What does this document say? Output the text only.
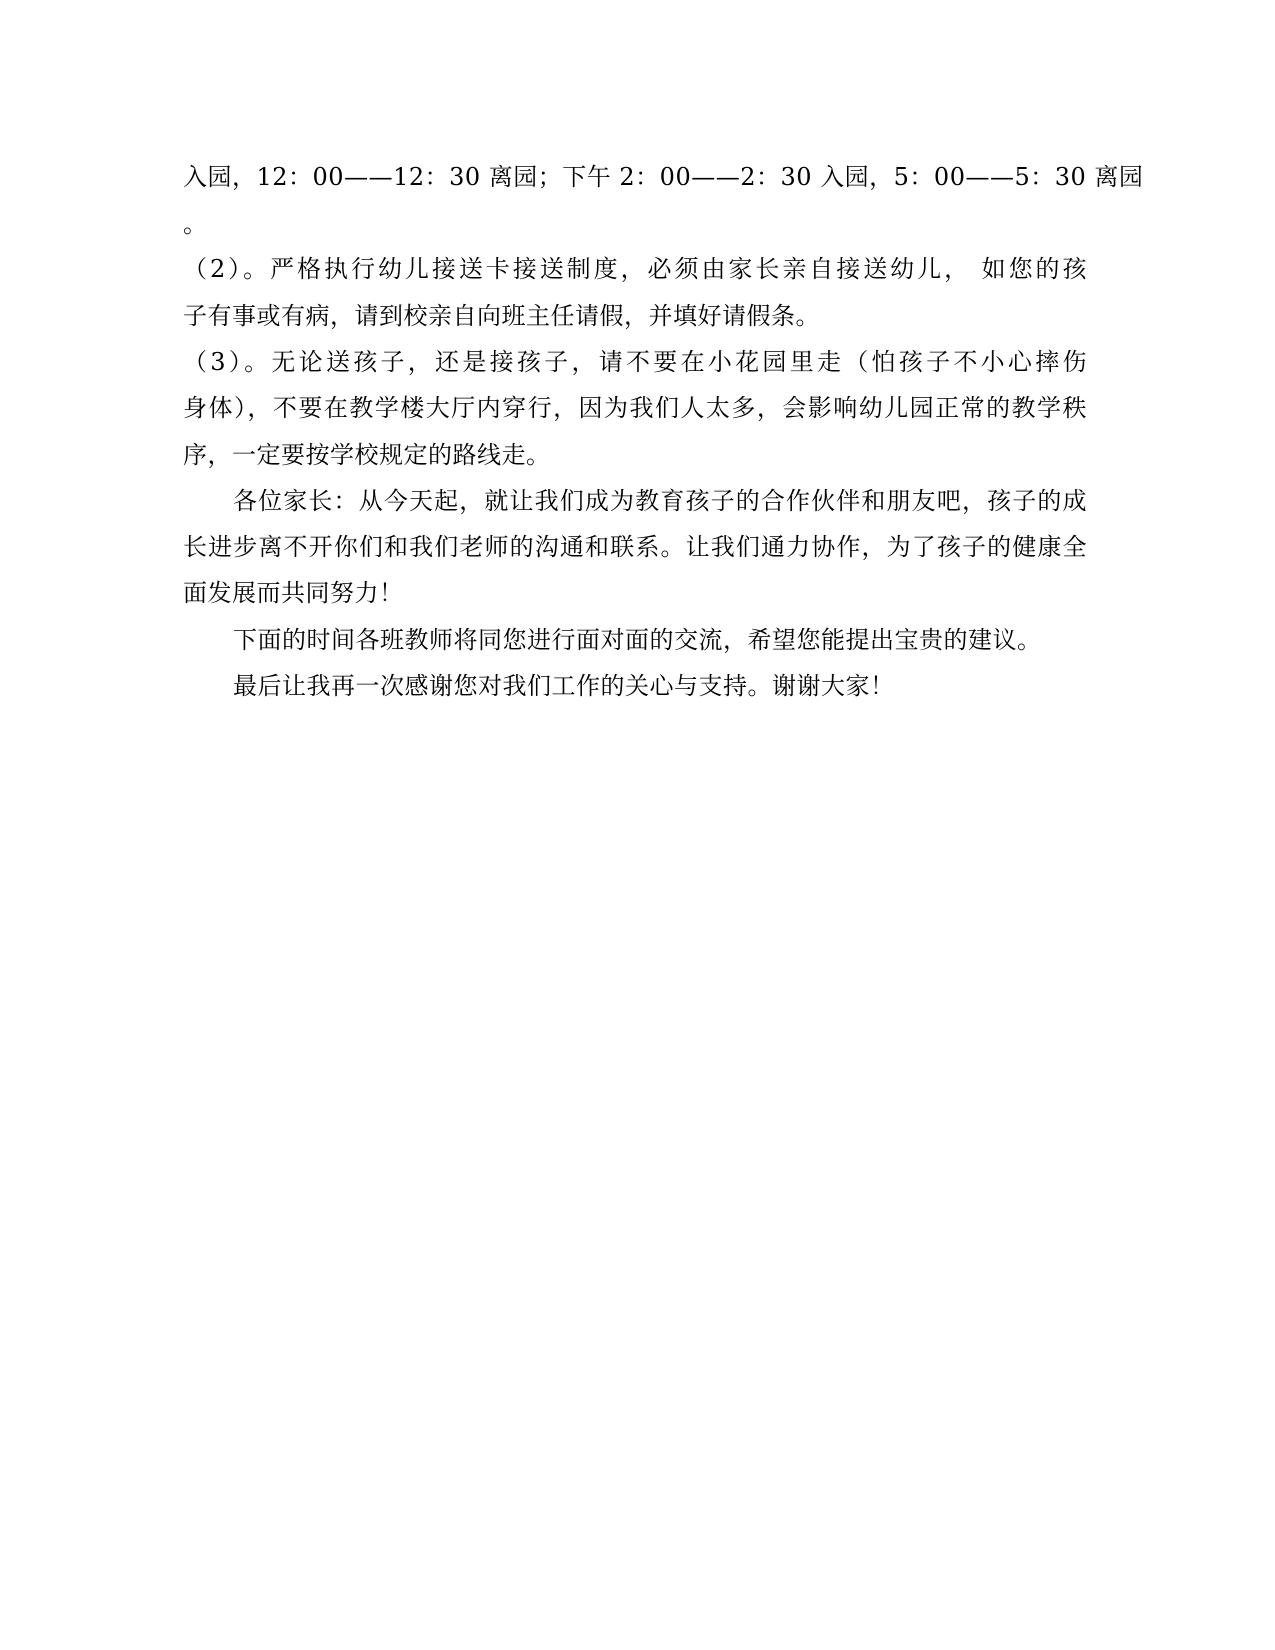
入园，12：00——12：30 离园；下午 2：00——2：30 入园，5：00——5：30 离园

。

（2）。严格执行幼儿接送卡接送制度，必须由家长亲自接送幼儿， 如您的孩

子有事或有病，请到校亲自向班主任请假，并填好请假条。

（3）。无论送孩子，还是接孩子，请不要在小花园里走（怕孩子不小心摔伤

身体），不要在教学楼大厅内穿行，因为我们人太多，会影响幼儿园正常的教学秩

序，一定要按学校规定的路线走。

各位家长：从今天起，就让我们成为教育孩子的合作伙伴和朋友吧，孩子的成

长进步离不开你们和我们老师的沟通和联系。让我们通力协作，为了孩子的健康全

面发展而共同努力！

下面的时间各班教师将同您进行面对面的交流，希望您能提出宝贵的建议。

最后让我再一次感谢您对我们工作的关心与支持。谢谢大家！
